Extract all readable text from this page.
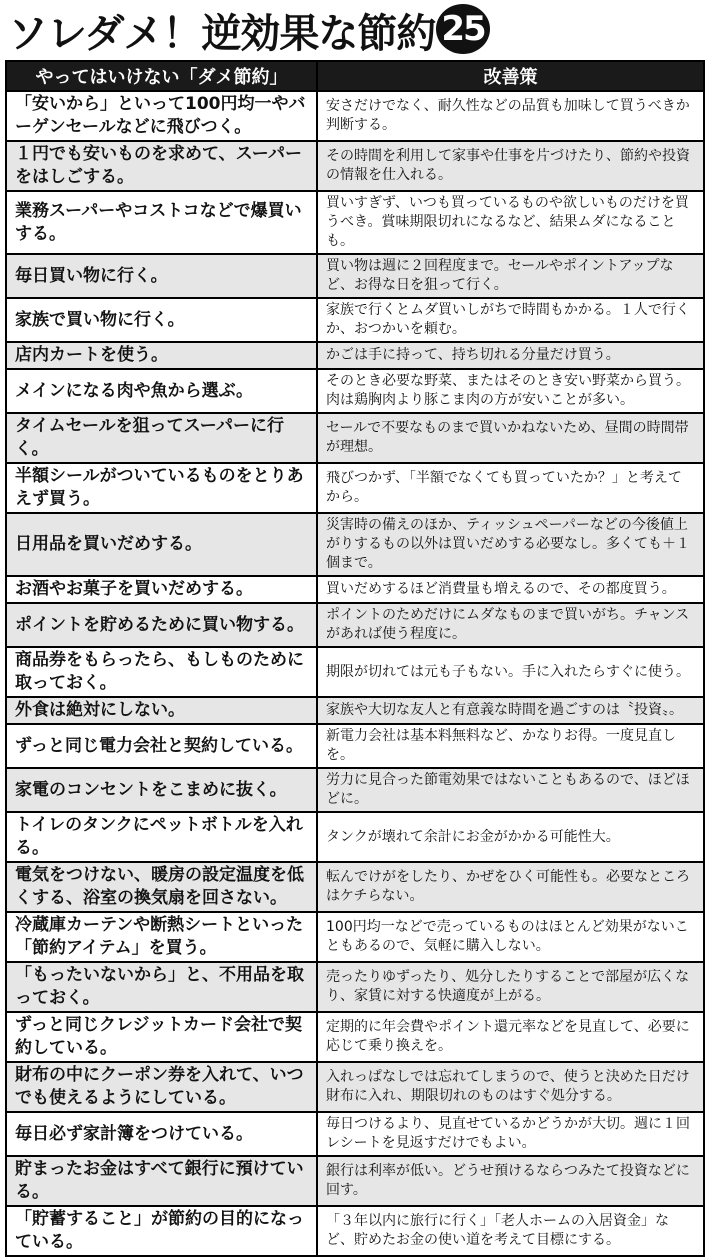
ソレダメ！逆効果な節約 25
やってはいけない「ダメ節約」	改善策
「安いから」といって100円均一やバーゲンセールなどに飛びつく。	安さだけでなく、耐久性などの品質も加味して買うべきか判断する。
１円でも安いものを求めて、スーパーをはしごする。	その時間を利用して家事や仕事を片づけたり、節約や投資の情報を仕入れる。
業務スーパーやコストコなどで爆買いする。	買いすぎず、いつも買っているものや欲しいものだけを買うべき。賞味期限切れになるなど、結果ムダになることも。
毎日買い物に行く。	買い物は週に２回程度まで。セールやポイントアップなど、お得な日を狙って行く。
家族で買い物に行く。	家族で行くとムダ買いしがちで時間もかかる。１人で行くか、おつかいを頼む。
店内カートを使う。	かごは手に持って、持ち切れる分量だけ買う。
メインになる肉や魚から選ぶ。	そのとき必要な野菜、またはそのとき安い野菜から買う。肉は鶏胸肉より豚こま肉の方が安いことが多い。
タイムセールを狙ってスーパーに行く。	セールで不要なものまで買いかねないため、昼間の時間帯が理想。
半額シールがついているものをとりあえず買う。	飛びつかず、「半額でなくても買っていたか？」と考えてから。
日用品を買いだめする。	災害時の備えのほか、ティッシュペーパーなどの今後値上がりするもの以外は買いだめする必要なし。多くても＋１個まで。
お酒やお菓子を買いだめする。	買いだめするほど消費量も増えるので、その都度買う。
ポイントを貯めるために買い物する。	ポイントのためだけにムダなものまで買いがち。チャンスがあれば使う程度に。
商品券をもらったら、もしものために取っておく。	期限が切れては元も子もない。手に入れたらすぐに使う。
外食は絶対にしない。	家族や大切な友人と有意義な時間を過ごすのは〝投資〟。
ずっと同じ電力会社と契約している。	新電力会社は基本料無料など、かなりお得。一度見直しを。
家電のコンセントをこまめに抜く。	労力に見合った節電効果ではないこともあるので、ほどほどに。
トイレのタンクにペットボトルを入れる。	タンクが壊れて余計にお金がかかる可能性大。
電気をつけない、暖房の設定温度を低くする、浴室の換気扇を回さない。	転んでけがをしたり、かぜをひく可能性も。必要なところはケチらない。
冷蔵庫カーテンや断熱シートといった「節約アイテム」を買う。	100円均一などで売っているものはほとんど効果がないこともあるので、気軽に購入しない。
「もったいないから」と、不用品を取っておく。	売ったりゆずったり、処分したりすることで部屋が広くなり、家賃に対する快適度が上がる。
ずっと同じクレジットカード会社で契約している。	定期的に年会費やポイント還元率などを見直して、必要に応じて乗り換えを。
財布の中にクーポン券を入れて、いつでも使えるようにしている。	入れっぱなしでは忘れてしまうので、使うと決めた日だけ財布に入れ、期限切れのものはすぐ処分する。
毎日必ず家計簿をつけている。	毎日つけるより、見直せているかどうかが大切。週に１回レシートを見返すだけでもよい。
貯まったお金はすべて銀行に預けている。	銀行は利率が低い。どうせ預けるならつみたて投資などに回す。
「貯蓄すること」が節約の目的になっている。	「３年以内に旅行に行く」「老人ホームの入居資金」など、貯めたお金の使い道を考えて目標にする。
